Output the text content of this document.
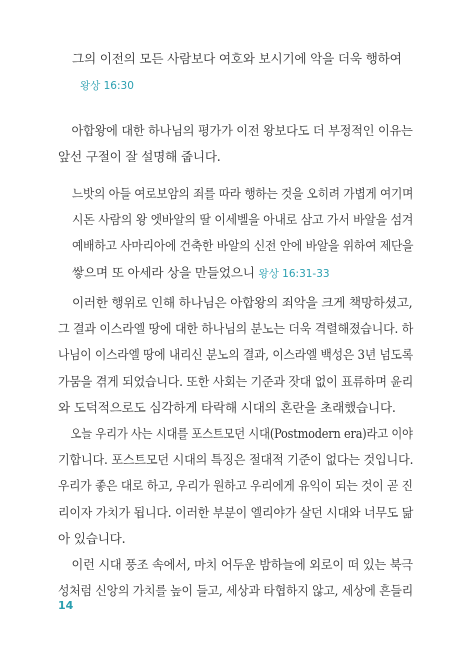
그의 이전의 모든 사람보다 여호와 보시기에 악을 더욱 행하여
왕상 16:30
아합왕에 대한 하나님의 평가가 이전 왕보다도 더 부정적인 이유는
앞선 구절이 잘 설명해 줍니다.
느밧의 아들 여로보암의 죄를 따라 행하는 것을 오히려 가볍게 여기며
시돈 사람의 왕 엣바알의 딸 이세벨을 아내로 삼고 가서 바알을 섬겨
예배하고 사마리아에 건축한 바알의 신전 안에 바알을 위하여 제단을
쌓으며 또 아세라 상을 만들었으니 왕상 16:31-33
이러한 행위로 인해 하나님은 아합왕의 죄악을 크게 책망하셨고,
그 결과 이스라엘 땅에 대한 하나님의 분노는 더욱 격렬해졌습니다. 하
나님이 이스라엘 땅에 내리신 분노의 결과, 이스라엘 백성은 3년 넘도록
가뭄을 겪게 되었습니다. 또한 사회는 기준과 잣대 없이 표류하며 윤리
와 도덕적으로도 심각하게 타락해 시대의 혼란을 초래했습니다.
오늘 우리가 사는 시대를 포스트모던 시대(Postmodern era)라고 이야
기합니다. 포스트모던 시대의 특징은 절대적 기준이 없다는 것입니다.
우리가 좋은 대로 하고, 우리가 원하고 우리에게 유익이 되는 것이 곧 진
리이자 가치가 됩니다. 이러한 부분이 엘리야가 살던 시대와 너무도 닮
아 있습니다.
이런 시대 풍조 속에서, 마치 어두운 밤하늘에 외로이 떠 있는 북극
성처럼 신앙의 가치를 높이 들고, 세상과 타협하지 않고, 세상에 흔들리
14
